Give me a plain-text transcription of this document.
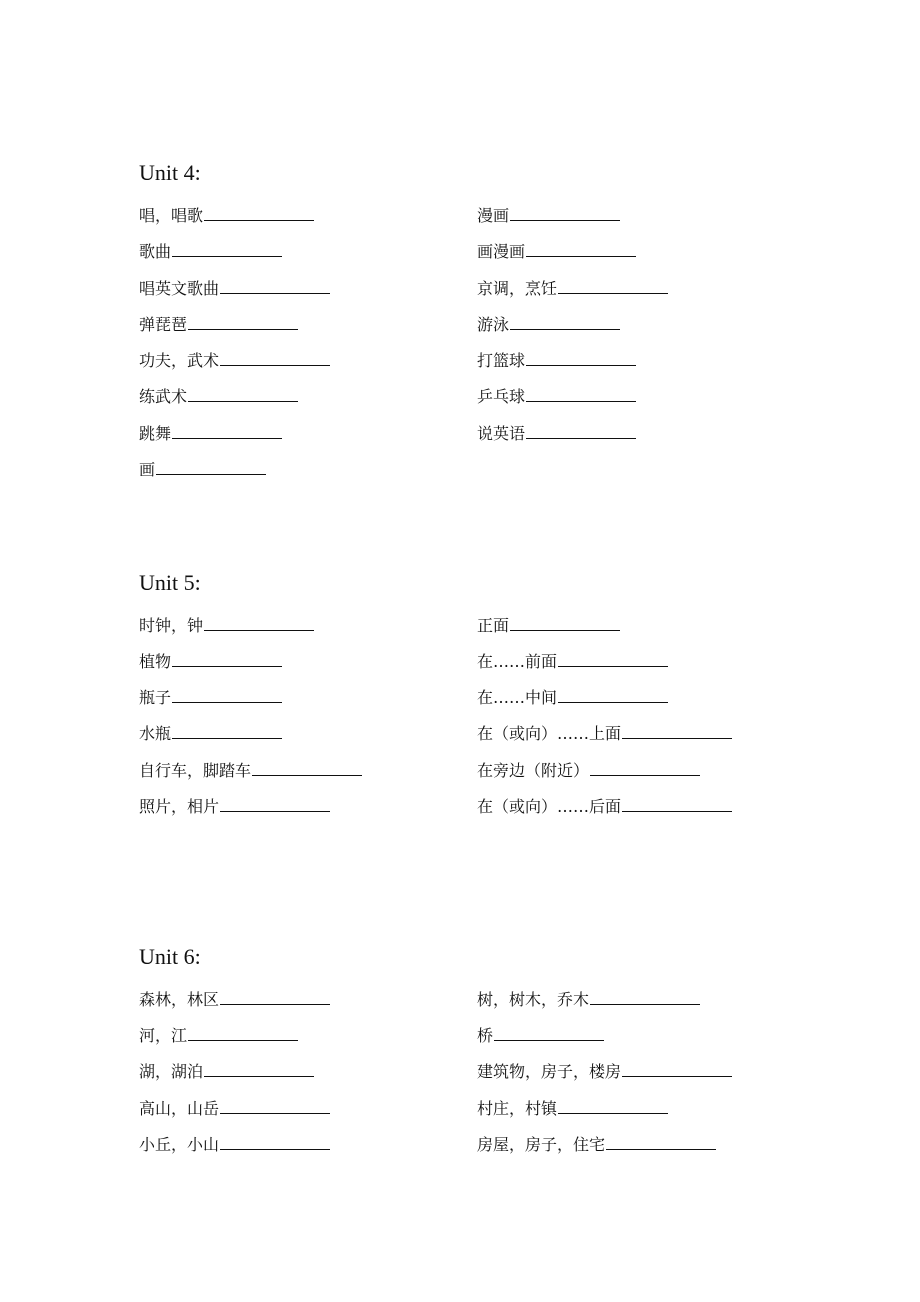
Unit 4:
唱，唱歌
歌曲
唱英文歌曲
弹琵琶
功夫，武术
练武术
跳舞
画
漫画
画漫画
京调，烹饪
游泳
打篮球
乒乓球
说英语
Unit 5:
时钟，钟
植物
瓶子
水瓶
自行车，脚踏车
照片，相片
正面
在……前面
在……中间
在（或向）……上面
在旁边（附近）
在（或向）……后面
Unit 6:
森林，林区
河，江
湖，湖泊
高山，山岳
小丘，小山
树，树木，乔木
桥
建筑物，房子，楼房
村庄，村镇
房屋，房子，住宅
